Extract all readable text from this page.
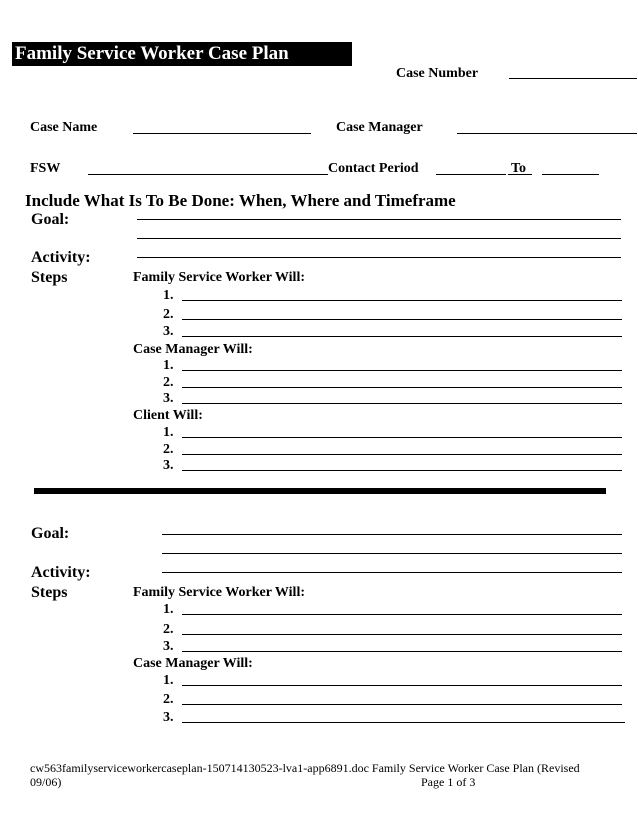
Family Service Worker Case Plan
Case Number
Case Name	Case Manager
FSW	Contact Period	To
Include What Is To Be Done: When, Where and Timeframe
Goal:
Activity:
Steps	Family Service Worker Will:
1.
2.
3.
Case Manager Will:
1.
2.
3.
Client Will:
1.
2.
3.
Goal:
Activity:
Steps	Family Service Worker Will:
1.
2.
3.
Case Manager Will:
1.
2.
3.
cw563familyserviceworkercaseplan-150714130523-lva1-app6891.doc Family Service Worker Case Plan (Revised
09/06)	Page 1 of 3
